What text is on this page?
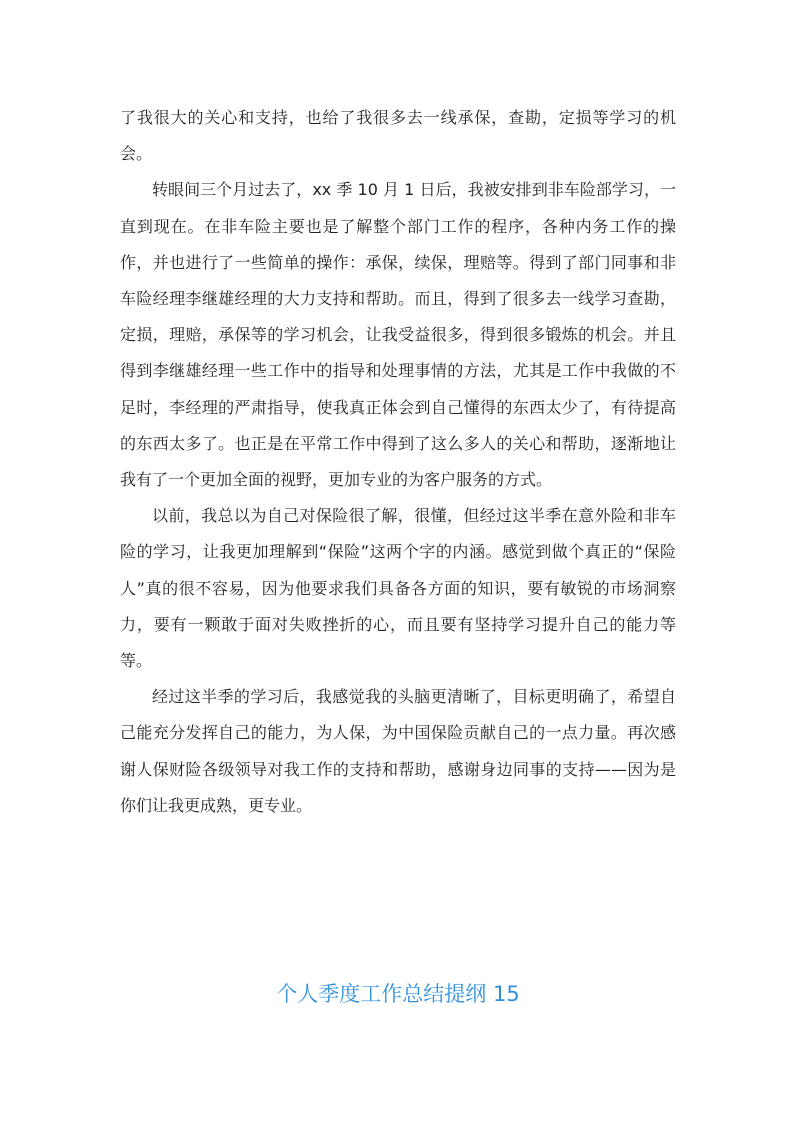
了我很大的关心和支持，也给了我很多去一线承保，查勘，定损等学习的机会。

转眼间三个月过去了，xx 季 10 月 1 日后，我被安排到非车险部学习，一直到现在。在非车险主要也是了解整个部门工作的程序，各种内务工作的操作，并也进行了一些简单的操作：承保，续保，理赔等。得到了部门同事和非车险经理李继雄经理的大力支持和帮助。而且，得到了很多去一线学习查勘，定损，理赔，承保等的学习机会，让我受益很多，得到很多锻炼的机会。并且得到李继雄经理一些工作中的指导和处理事情的方法，尤其是工作中我做的不足时，李经理的严肃指导，使我真正体会到自己懂得的东西太少了，有待提高的东西太多了。也正是在平常工作中得到了这么多人的关心和帮助，逐渐地让我有了一个更加全面的视野，更加专业的为客户服务的方式。

以前，我总以为自己对保险很了解，很懂，但经过这半季在意外险和非车险的学习，让我更加理解到“保险”这两个字的内涵。感觉到做个真正的“保险人”真的很不容易，因为他要求我们具备各方面的知识，要有敏锐的市场洞察力，要有一颗敢于面对失败挫折的心，而且要有坚持学习提升自己的能力等等。

经过这半季的学习后，我感觉我的头脑更清晰了，目标更明确了，希望自己能充分发挥自己的能力，为人保，为中国保险贡献自己的一点力量。再次感谢人保财险各级领导对我工作的支持和帮助，感谢身边同事的支持——因为是你们让我更成熟，更专业。

个人季度工作总结提纲 15
